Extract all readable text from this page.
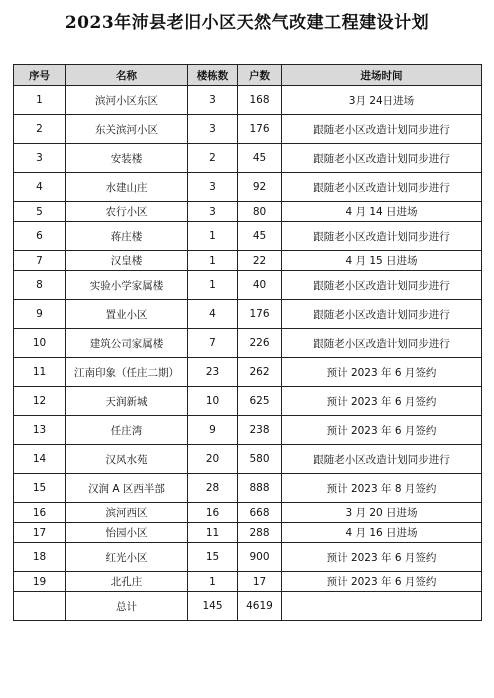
2023年沛县老旧小区天然气改建工程建设计划
序号	名称	楼栋数	户数	进场时间
1	滨河小区东区	3	168	3月 24日进场
2	东关滨河小区	3	176	跟随老小区改造计划同步进行
3	安装楼	2	45	跟随老小区改造计划同步进行
4	水建山庄	3	92	跟随老小区改造计划同步进行
5	农行小区	3	80	4 月 14 日进场
6	蒋庄楼	1	45	跟随老小区改造计划同步进行
7	汉皇楼	1	22	4 月 15 日进场
8	实验小学家属楼	1	40	跟随老小区改造计划同步进行
9	置业小区	4	176	跟随老小区改造计划同步进行
10	建筑公司家属楼	7	226	跟随老小区改造计划同步进行
11	江南印象（任庄二期）	23	262	预计 2023 年 6 月签约
12	天润新城	10	625	预计 2023 年 6 月签约
13	任庄湾	9	238	预计 2023 年 6 月签约
14	汉风水苑	20	580	跟随老小区改造计划同步进行
15	汉润 A 区西半部	28	888	预计 2023 年 8 月签约
16	滨河西区	16	668	3 月 20 日进场
17	怡园小区	11	288	4 月 16 日进场
18	红光小区	15	900	预计 2023 年 6 月签约
19	北孔庄	1	17	预计 2023 年 6 月签约
	总计	145	4619	
